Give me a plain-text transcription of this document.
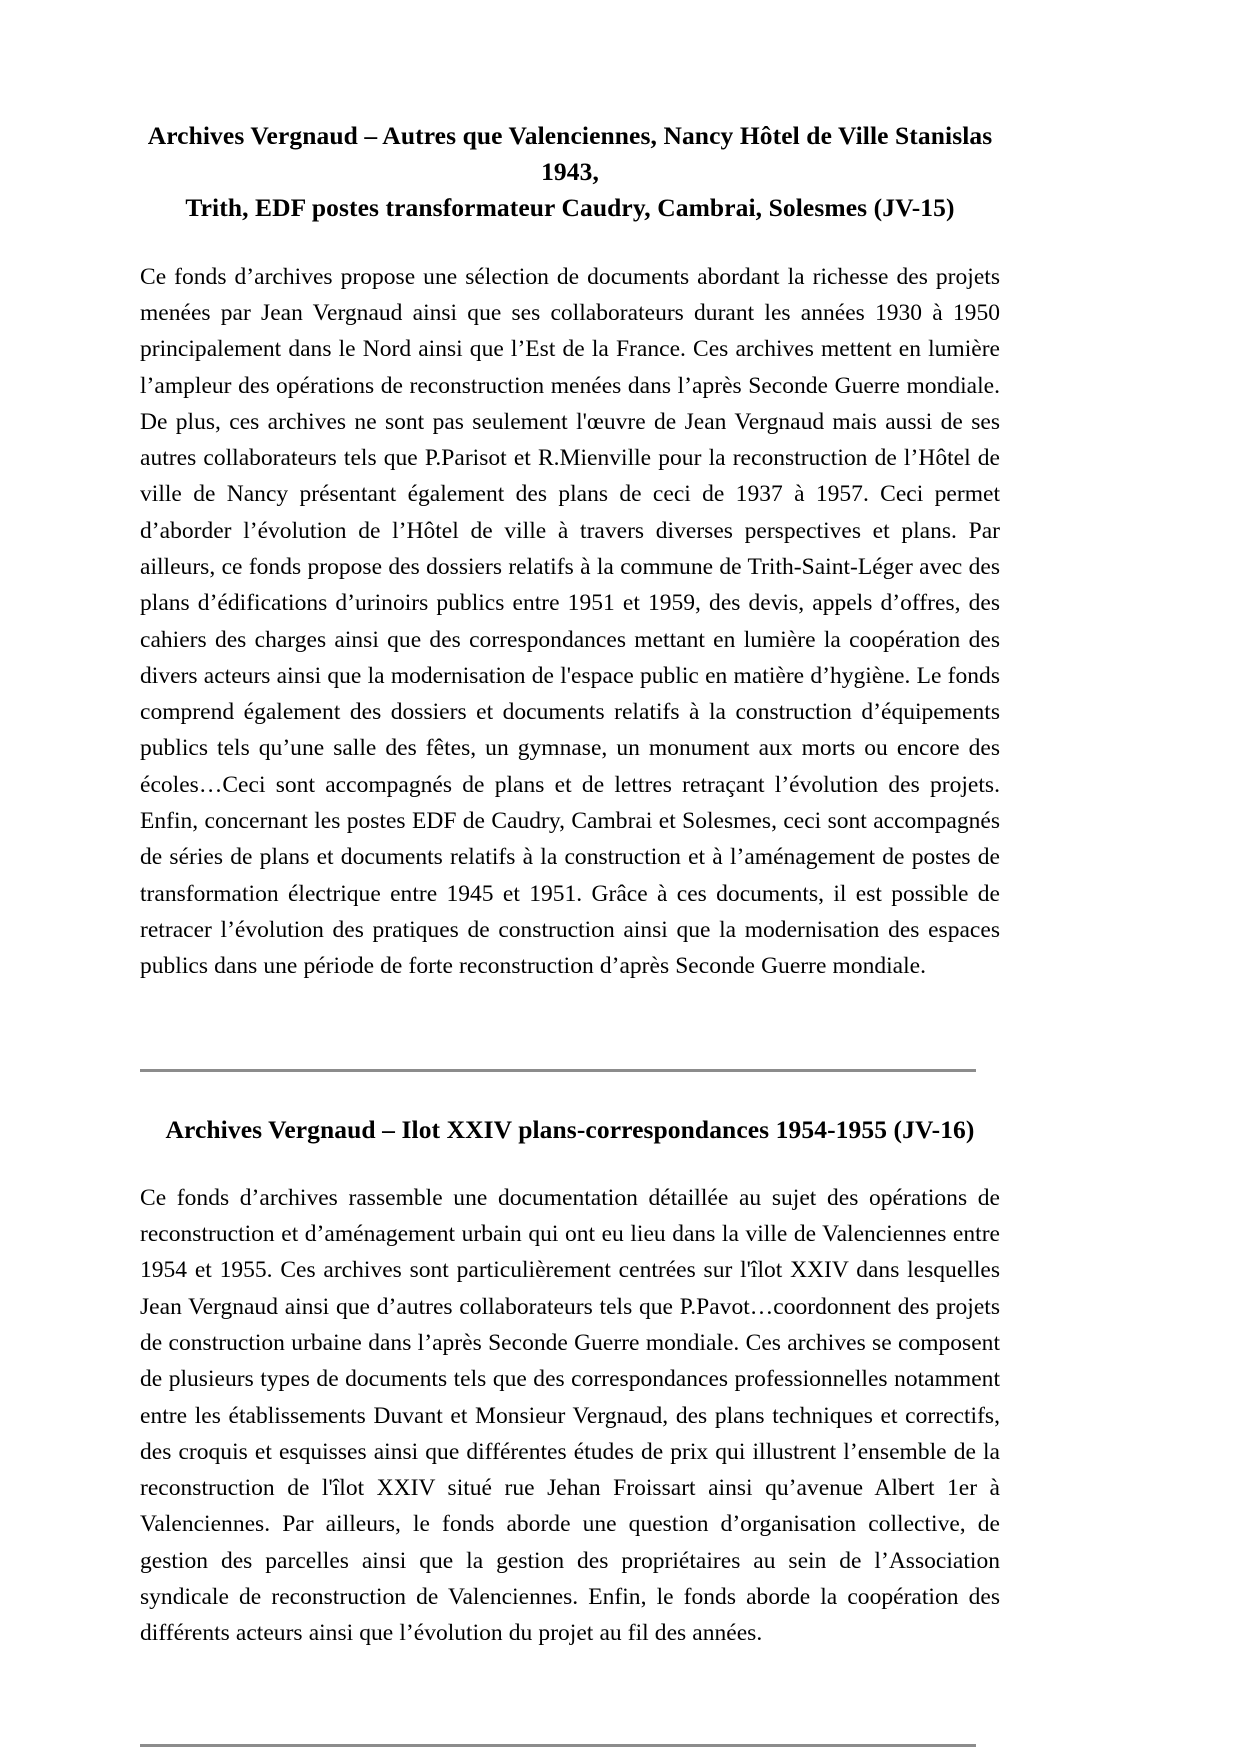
Archives Vergnaud – Autres que Valenciennes, Nancy Hôtel de Ville Stanislas 1943,
Trith, EDF postes transformateur Caudry, Cambrai, Solesmes (JV-15)

Ce fonds d’archives propose une sélection de documents abordant la richesse des projets menées par Jean Vergnaud ainsi que ses collaborateurs durant les années 1930 à 1950 principalement dans le Nord ainsi que l’Est de la France. Ces archives mettent en lumière l’ampleur des opérations de reconstruction menées dans l’après Seconde Guerre mondiale. De plus, ces archives ne sont pas seulement l'œuvre de Jean Vergnaud mais aussi de ses autres collaborateurs tels que P.Parisot et R.Mienville pour la reconstruction de l’Hôtel de ville de Nancy présentant également des plans de ceci de 1937 à 1957. Ceci permet d’aborder l’évolution de l’Hôtel de ville à travers diverses perspectives et plans. Par ailleurs, ce fonds propose des dossiers relatifs à la commune de Trith-Saint-Léger avec des plans d’édifications d’urinoirs publics entre 1951 et 1959, des devis, appels d’offres, des cahiers des charges ainsi que des correspondances mettant en lumière la coopération des divers acteurs ainsi que la modernisation de l'espace public en matière d’hygiène. Le fonds comprend également des dossiers et documents relatifs à la construction d’équipements publics tels qu’une salle des fêtes, un gymnase, un monument aux morts ou encore des écoles…Ceci sont accompagnés de plans et de lettres retraçant l’évolution des projets. Enfin, concernant les postes EDF de Caudry, Cambrai et Solesmes, ceci sont accompagnés de séries de plans et documents relatifs à la construction et à l’aménagement de postes de transformation électrique entre 1945 et 1951. Grâce à ces documents, il est possible de retracer l’évolution des pratiques de construction ainsi que la modernisation des espaces publics dans une période de forte reconstruction d’après Seconde Guerre mondiale.

Archives Vergnaud – Ilot XXIV plans-correspondances 1954-1955 (JV-16)

Ce fonds d’archives rassemble une documentation détaillée au sujet des opérations de reconstruction et d’aménagement urbain qui ont eu lieu dans la ville de Valenciennes entre 1954 et 1955. Ces archives sont particulièrement centrées sur l'îlot XXIV dans lesquelles Jean Vergnaud ainsi que d’autres collaborateurs tels que P.Pavot…coordonnent des projets de construction urbaine dans l’après Seconde Guerre mondiale. Ces archives se composent de plusieurs types de documents tels que des correspondances professionnelles notamment entre les établissements Duvant et Monsieur Vergnaud, des plans techniques et correctifs, des croquis et esquisses ainsi que différentes études de prix qui illustrent l’ensemble de la reconstruction de l'îlot XXIV situé rue Jehan Froissart ainsi qu’avenue Albert 1er à Valenciennes. Par ailleurs, le fonds aborde une question d’organisation collective, de gestion des parcelles ainsi que la gestion des propriétaires au sein de l’Association syndicale de reconstruction de Valenciennes. Enfin, le fonds aborde la coopération des différents acteurs ainsi que l’évolution du projet au fil des années.
